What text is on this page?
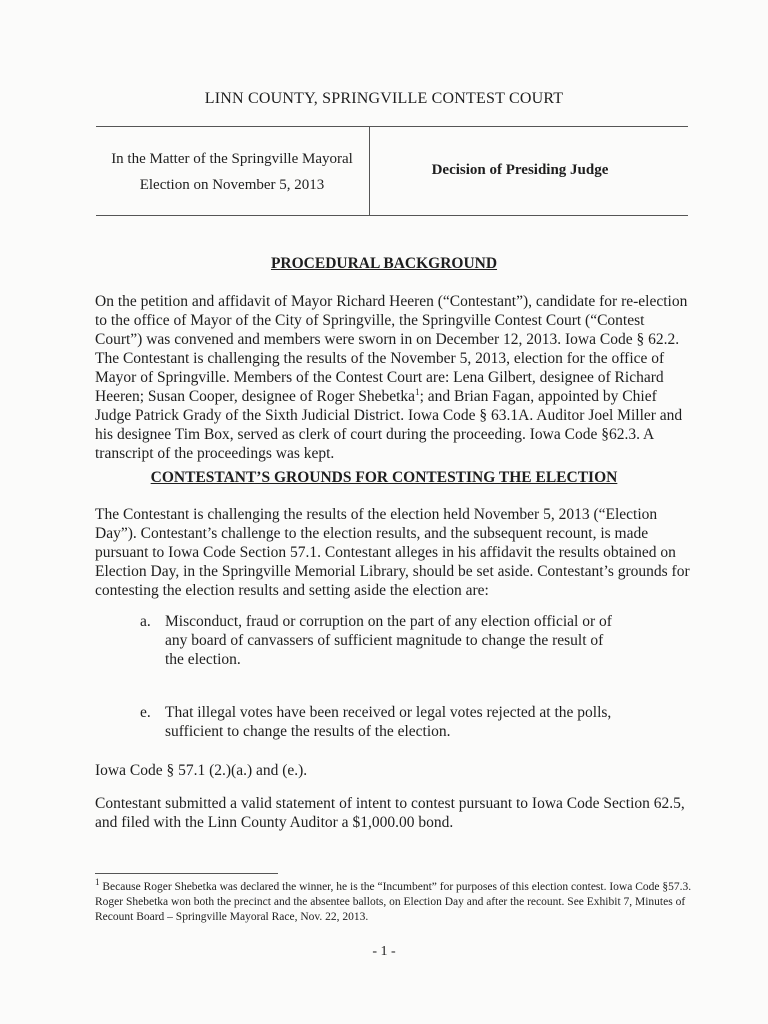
LINN COUNTY, SPRINGVILLE CONTEST COURT
In the Matter of the Springville Mayoral
Election on November 5, 2013
Decision of Presiding Judge
PROCEDURAL BACKGROUND

On the petition and affidavit of Mayor Richard Heeren (“Contestant”), candidate for re-election to the office of Mayor of the City of Springville, the Springville Contest Court (“Contest Court”) was convened and members were sworn in on December 12, 2013. Iowa Code § 62.2. The Contestant is challenging the results of the November 5, 2013, election for the office of Mayor of Springville. Members of the Contest Court are: Lena Gilbert, designee of Richard Heeren; Susan Cooper, designee of Roger Shebetka$^1$; and Brian Fagan, appointed by Chief Judge Patrick Grady of the Sixth Judicial District. Iowa Code § 63.1A. Auditor Joel Miller and his designee Tim Box, served as clerk of court during the proceeding. Iowa Code §62.3. A transcript of the proceedings was kept.

CONTESTANT’S GROUNDS FOR CONTESTING THE ELECTION

The Contestant is challenging the results of the election held November 5, 2013 (“Election Day”). Contestant’s challenge to the election results, and the subsequent recount, is made pursuant to Iowa Code Section 57.1. Contestant alleges in his affidavit the results obtained on Election Day, in the Springville Memorial Library, should be set aside. Contestant’s grounds for contesting the election results and setting aside the election are:

a. Misconduct, fraud or corruption on the part of any election official or of any board of canvassers of sufficient magnitude to change the result of the election.
e. That illegal votes have been received or legal votes rejected at the polls, sufficient to change the results of the election.

Iowa Code § 57.1 (2.)(a.) and (e.).

Contestant submitted a valid statement of intent to contest pursuant to Iowa Code Section 62.5, and filed with the Linn County Auditor a $1,000.00 bond.

$^1$ Because Roger Shebetka was declared the winner, he is the “Incumbent” for purposes of this election contest. Iowa Code §57.3. Roger Shebetka won both the precinct and the absentee ballots, on Election Day and after the recount. See Exhibit 7, Minutes of Recount Board – Springville Mayoral Race, Nov. 22, 2013.

- 1 -
